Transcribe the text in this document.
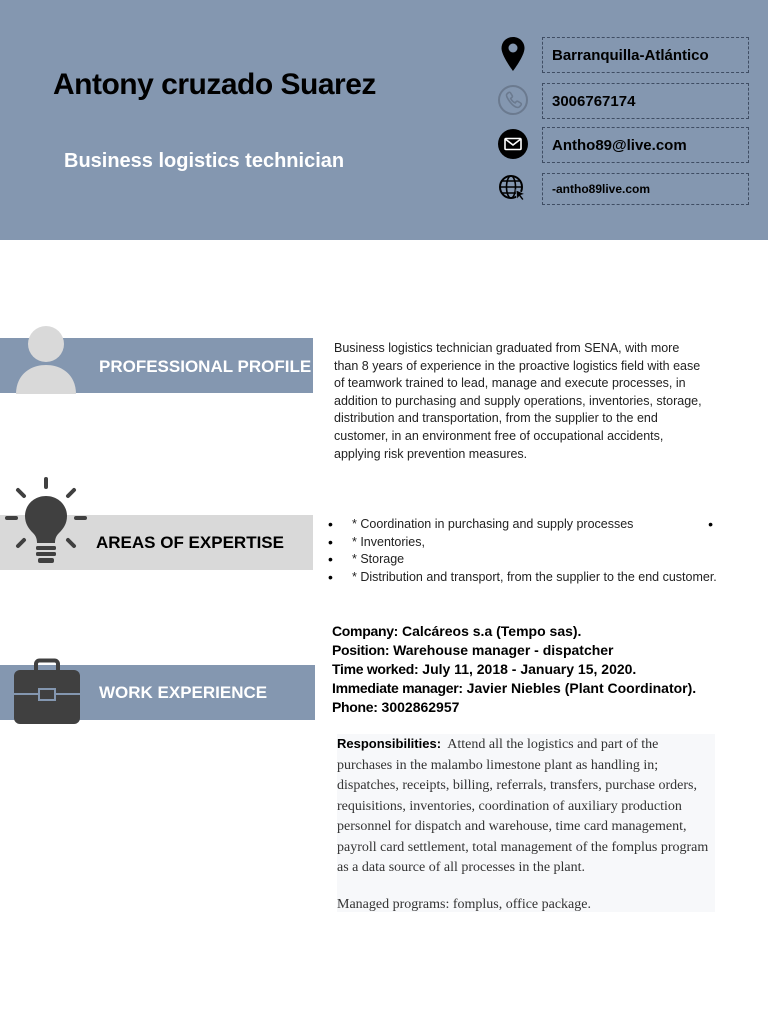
Antony cruzado Suarez
Business logistics technician
Barranquilla-Atlántico
3006767174
Antho89@live.com
-antho89live.com
PROFESSIONAL PROFILE
Business logistics technician graduated from SENA, with more than 8 years of experience in the proactive logistics field with ease of teamwork trained to lead, manage and execute processes, in addition to purchasing and supply operations, inventories, storage, distribution and transportation, from the supplier to the end customer, in an environment free of occupational accidents, applying risk prevention measures.
AREAS OF EXPERTISE
• * Coordination in purchasing and supply processes •
• * Inventories,
• * Storage
• * Distribution and transport, from the supplier to the end customer.
WORK EXPERIENCE
Company: Calcáreos s.a (Tempo sas).
Position: Warehouse manager - dispatcher
Time worked: July 11, 2018 - January 15, 2020.
Immediate manager: Javier Niebles (Plant Coordinator).
Phone: 3002862957

Responsibilities: Attend all the logistics and part of the purchases in the malambo limestone plant as handling in; dispatches, receipts, billing, referrals, transfers, purchase orders, requisitions, inventories, coordination of auxiliary production personnel for dispatch and warehouse, time card management, payroll card settlement, total management of the fomplus program as a data source of all processes in the plant.

Managed programs: fomplus, office package.
